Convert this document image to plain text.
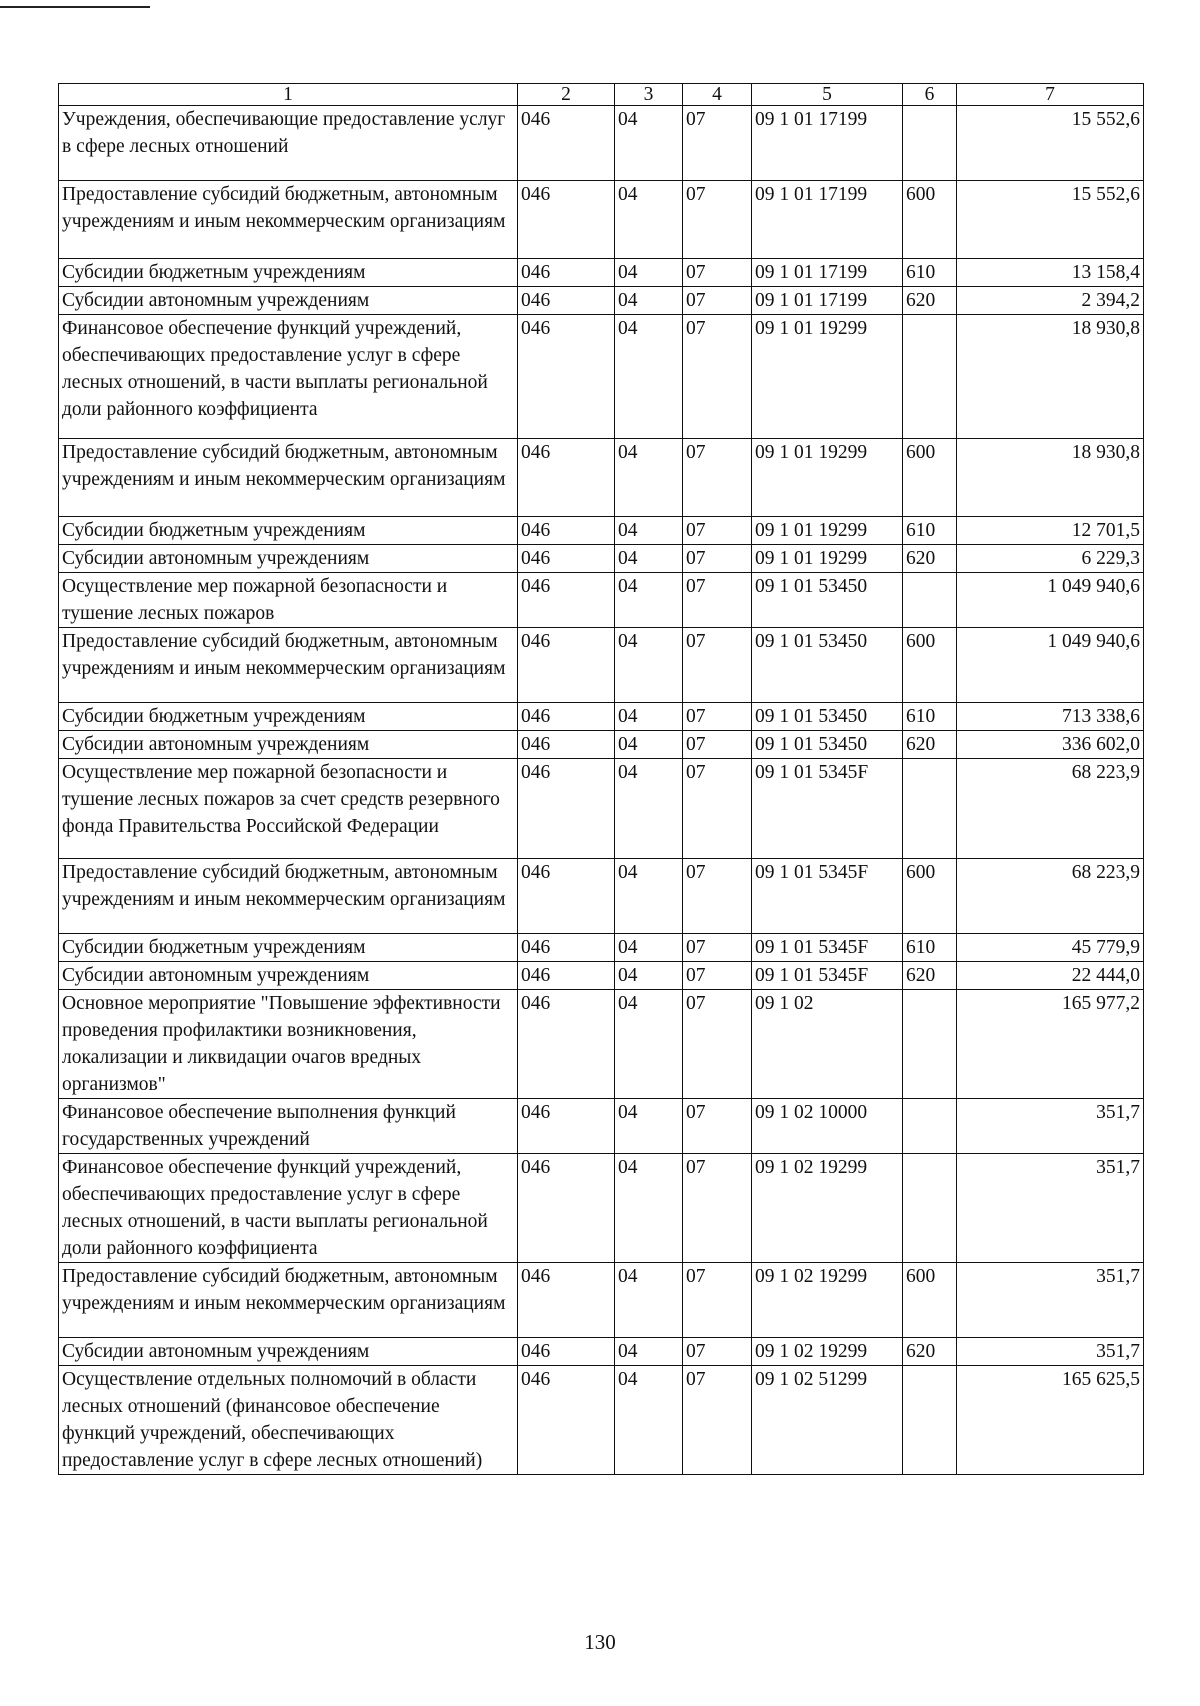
1	2	3	4	5	6	7
Учреждения, обеспечивающие предоставление услуг в сфере лесных отношений	046	04	07	09 1 01 17199		15 552,6
Предоставление субсидий бюджетным, автономным учреждениям и иным некоммерческим организациям	046	04	07	09 1 01 17199	600	15 552,6
Субсидии бюджетным учреждениям	046	04	07	09 1 01 17199	610	13 158,4
Субсидии автономным учреждениям	046	04	07	09 1 01 17199	620	2 394,2
Финансовое обеспечение функций учреждений, обеспечивающих предоставление услуг в сфере лесных отношений, в части выплаты региональной доли районного коэффициента	046	04	07	09 1 01 19299		18 930,8
Предоставление субсидий бюджетным, автономным учреждениям и иным некоммерческим организациям	046	04	07	09 1 01 19299	600	18 930,8
Субсидии бюджетным учреждениям	046	04	07	09 1 01 19299	610	12 701,5
Субсидии автономным учреждениям	046	04	07	09 1 01 19299	620	6 229,3
Осуществление мер пожарной безопасности и тушение лесных пожаров	046	04	07	09 1 01 53450		1 049 940,6
Предоставление субсидий бюджетным, автономным учреждениям и иным некоммерческим организациям	046	04	07	09 1 01 53450	600	1 049 940,6
Субсидии бюджетным учреждениям	046	04	07	09 1 01 53450	610	713 338,6
Субсидии автономным учреждениям	046	04	07	09 1 01 53450	620	336 602,0
Осуществление мер пожарной безопасности и тушение лесных пожаров за счет средств резервного фонда Правительства Российской Федерации	046	04	07	09 1 01 5345F		68 223,9
Предоставление субсидий бюджетным, автономным учреждениям и иным некоммерческим организациям	046	04	07	09 1 01 5345F	600	68 223,9
Субсидии бюджетным учреждениям	046	04	07	09 1 01 5345F	610	45 779,9
Субсидии автономным учреждениям	046	04	07	09 1 01 5345F	620	22 444,0
Основное мероприятие "Повышение эффективности проведения профилактики возникновения, локализации и ликвидации очагов вредных организмов"	046	04	07	09 1 02		165 977,2
Финансовое обеспечение выполнения функций государственных учреждений	046	04	07	09 1 02 10000		351,7
Финансовое обеспечение функций учреждений, обеспечивающих предоставление услуг в сфере лесных отношений, в части выплаты региональной доли районного коэффициента	046	04	07	09 1 02 19299		351,7
Предоставление субсидий бюджетным, автономным учреждениям и иным некоммерческим организациям	046	04	07	09 1 02 19299	600	351,7
Субсидии автономным учреждениям	046	04	07	09 1 02 19299	620	351,7
Осуществление отдельных полномочий в области лесных отношений (финансовое обеспечение функций учреждений, обеспечивающих предоставление услуг в сфере лесных отношений)	046	04	07	09 1 02 51299		165 625,5
130
